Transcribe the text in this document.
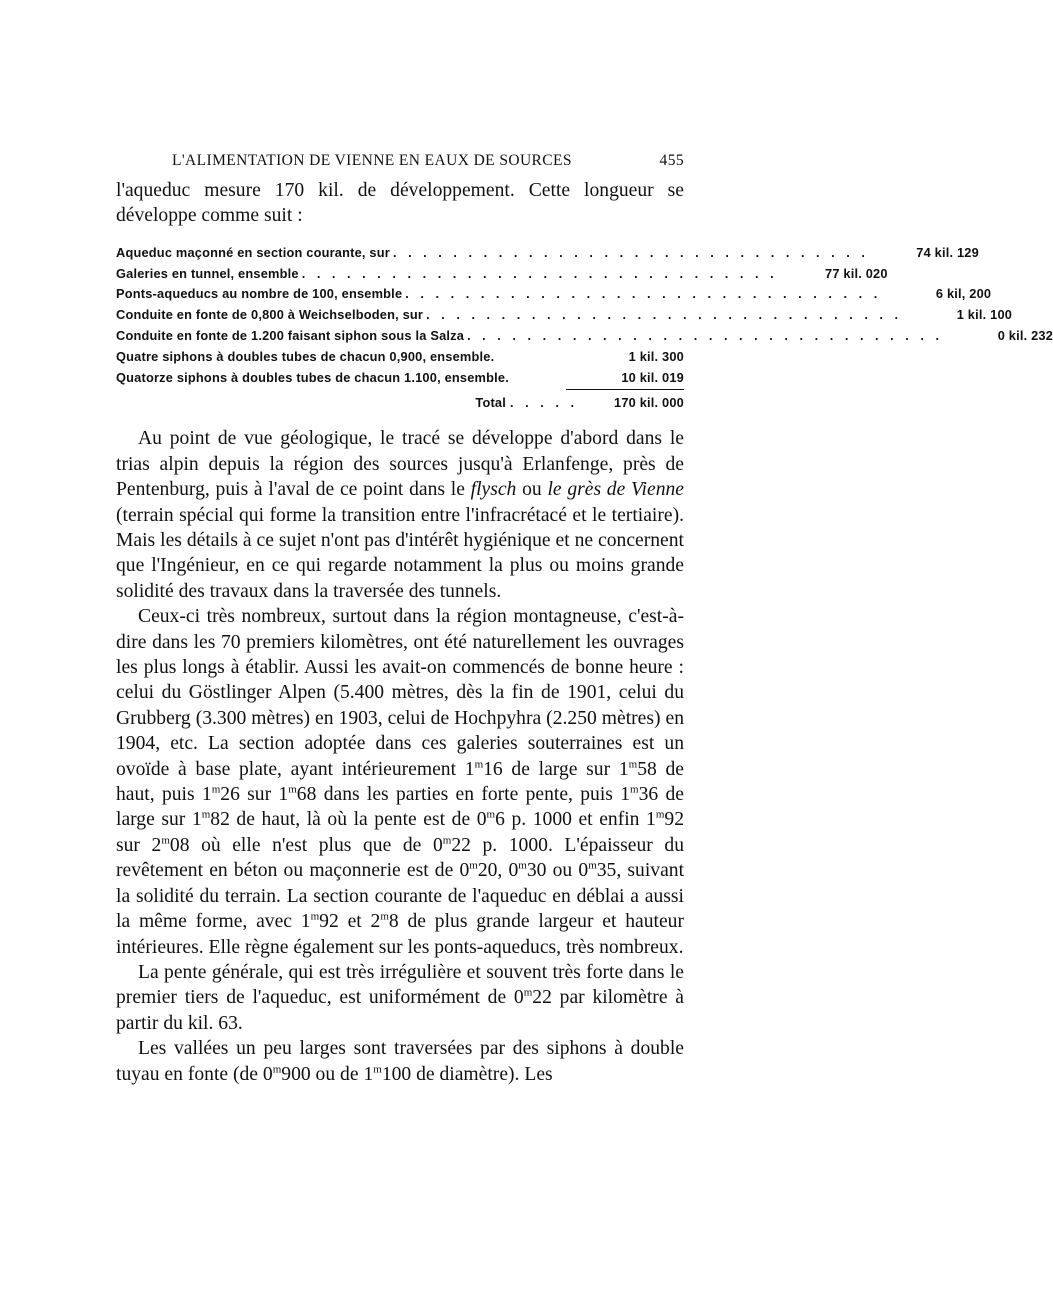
L'ALIMENTATION DE VIENNE EN EAUX DE SOURCES	455

l'aqueduc mesure 170 kil. de développement. Cette longueur se développe comme suit :

Aqueduc maçonné en section courante, sur . . . . . . . . . . . . . . . . . . . . . . . . . . . . . . . .	74 kil. 129
Galeries en tunnel, ensemble . . . . . . . . . . . . . . . . . . . . . . . . . . . . . . . .	77 kil. 020
Ponts-aqueducs au nombre de 100, ensemble . . . . . . . . . . . . . . . . . . . . . . . . . . . . . . . .	6 kil, 200
Conduite en fonte de 0,800 à Weichselboden, sur . . . . . . . . . . . . . . . . . . . . . . . . . . . . . . . .	1 kil. 100
Conduite en fonte de 1.200 faisant siphon sous la Salza . . . . . . . . . . . . . . . . . . . . . . . . . . . . . . . .	0 kil. 232
Quatre siphons à doubles tubes de chacun 0,900, ensemble.	1 kil. 300
Quatorze siphons à doubles tubes de chacun 1.100, ensemble.	10 kil. 019
Total . . . . .	170 kil. 000

Au point de vue géologique, le tracé se développe d'abord dans le trias alpin depuis la région des sources jusqu'à Erlanfenge, près de Pentenburg, puis à l'aval de ce point dans le flysch ou le grès de Vienne (terrain spécial qui forme la transition entre l'infracrétacé et le tertiaire). Mais les détails à ce sujet n'ont pas d'intérêt hygiénique et ne concernent que l'Ingénieur, en ce qui regarde notamment la plus ou moins grande solidité des travaux dans la traversée des tunnels.

Ceux-ci très nombreux, surtout dans la région montagneuse, c'est-à-dire dans les 70 premiers kilomètres, ont été naturellement les ouvrages les plus longs à établir. Aussi les avait-on commencés de bonne heure : celui du Göstlinger Alpen (5.400 mètres, dès la fin de 1901, celui du Grubberg (3.300 mètres) en 1903, celui de Hochpyhra (2.250 mètres) en 1904, etc. La section adoptée dans ces galeries souterraines est un ovoïde à base plate, ayant intérieurement 1$^m$16 de large sur 1$^m$58 de haut, puis 1$^m$26 sur 1$^m$68 dans les parties en forte pente, puis 1$^m$36 de large sur 1$^m$82 de haut, là où la pente est de 0$^m$6 p. 1000 et enfin 1$^m$92 sur 2$^m$08 où elle n'est plus que de 0$^m$22 p. 1000. L'épaisseur du revêtement en béton ou maçonnerie est de 0$^m$20, 0$^m$30 ou 0$^m$35, suivant la solidité du terrain. La section courante de l'aqueduc en déblai a aussi la même forme, avec 1$^m$92 et 2$^m$8 de plus grande largeur et hauteur intérieures. Elle règne également sur les ponts-aqueducs, très nombreux.

La pente générale, qui est très irrégulière et souvent très forte dans le premier tiers de l'aqueduc, est uniformément de 0$^m$22 par kilomètre à partir du kil. 63.

Les vallées un peu larges sont traversées par des siphons à double tuyau en fonte (de 0$^m$900 ou de 1$^m$100 de diamètre). Les
